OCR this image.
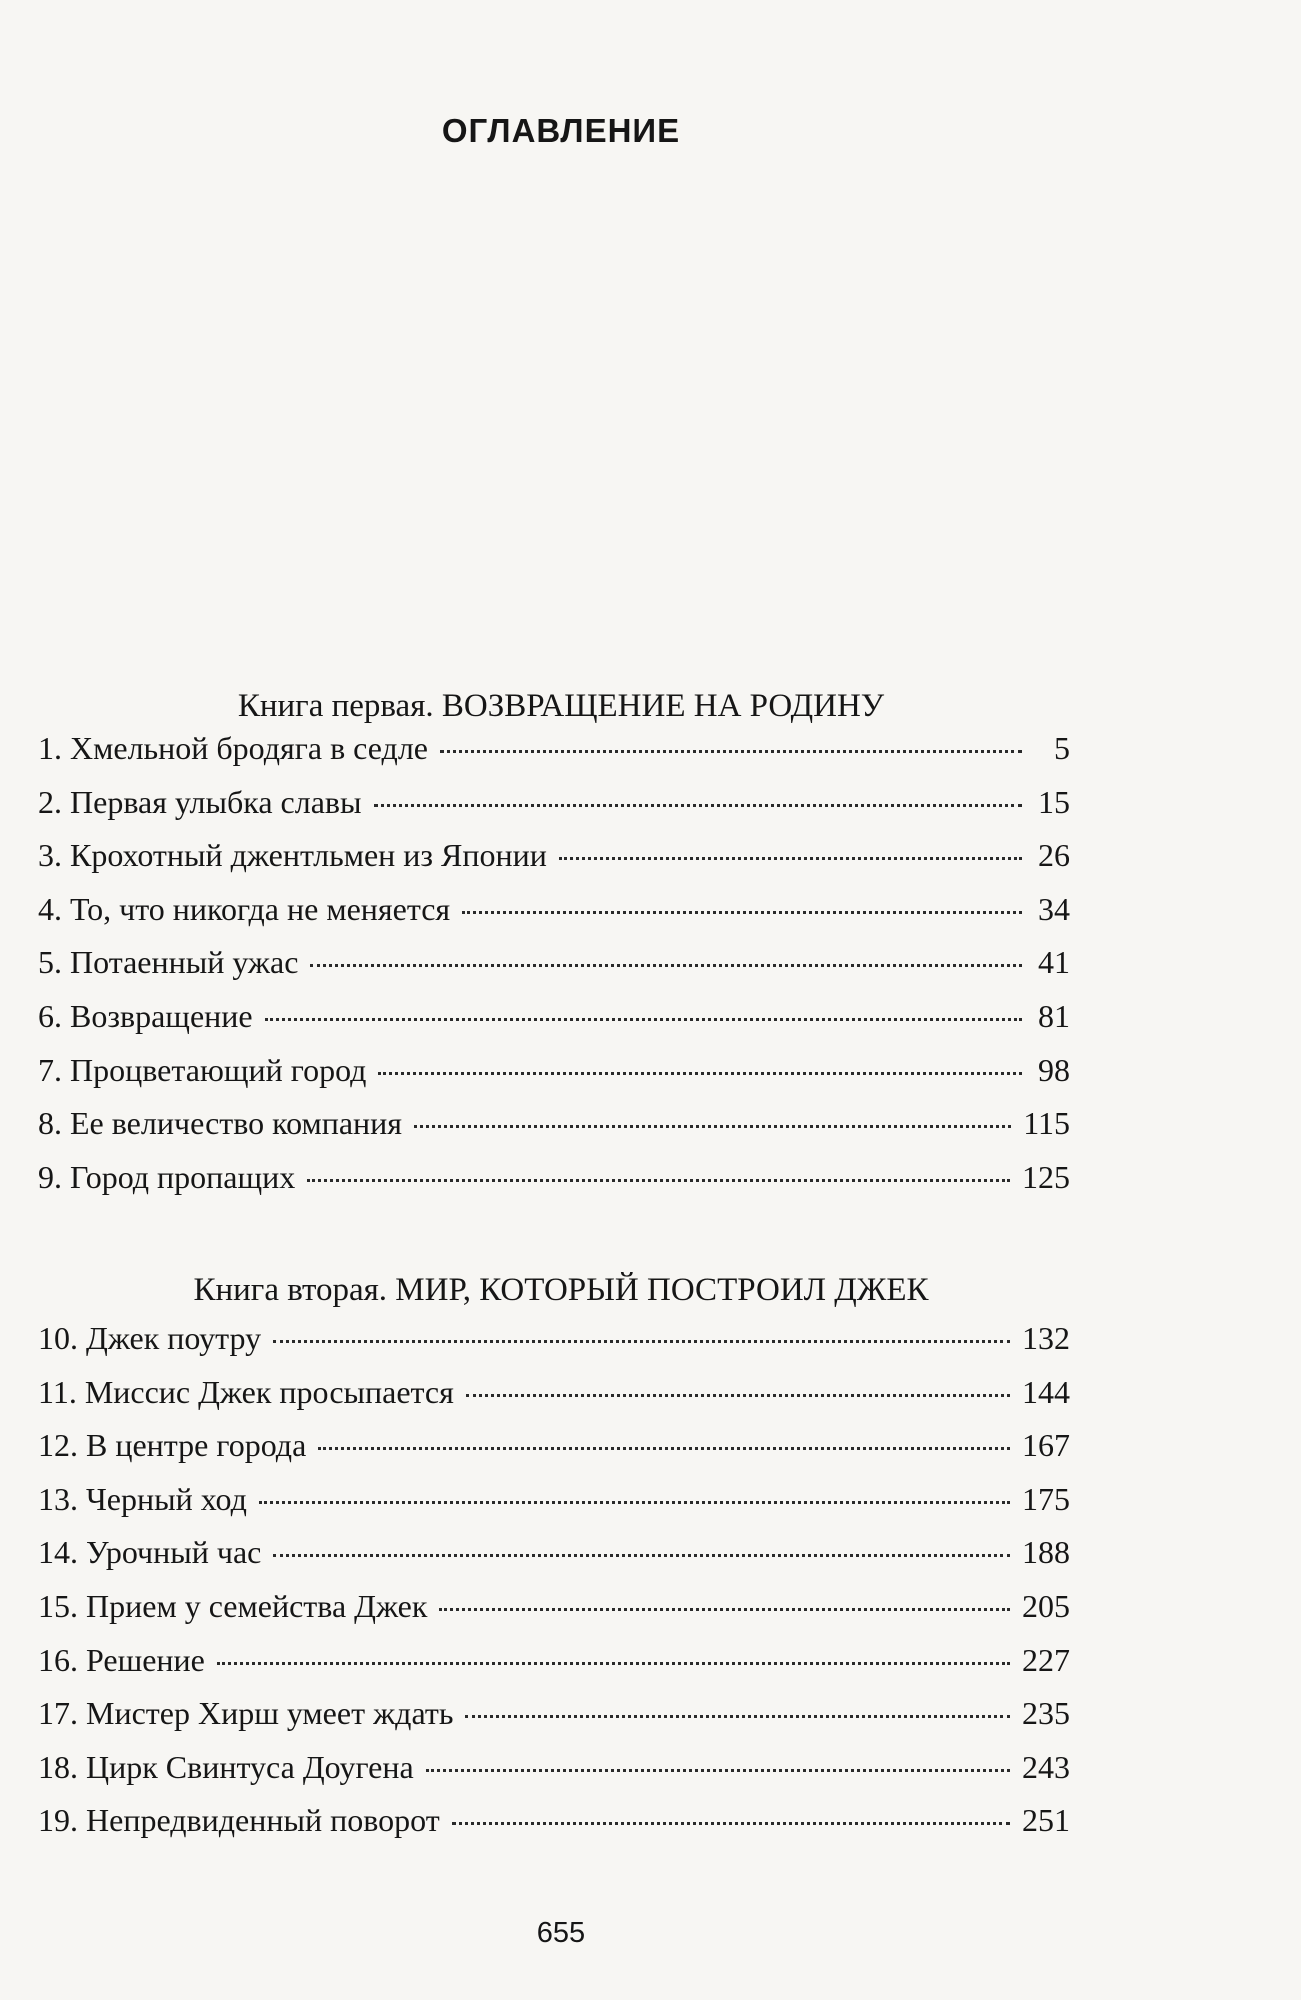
ОГЛАВЛЕНИЕ
Книга первая. ВОЗВРАЩЕНИЕ НА РОДИНУ
1. Хмельной бродяга в седле	5
2. Первая улыбка славы	15
3. Крохотный джентльмен из Японии	26
4. То, что никогда не меняется	34
5. Потаенный ужас	41
6. Возвращение	81
7. Процветающий город	98
8. Ее величество компания	115
9. Город пропащих	125
Книга вторая. МИР, КОТОРЫЙ ПОСТРОИЛ ДЖЕК
10. Джек поутру	132
11. Миссис Джек просыпается	144
12. В центре города	167
13. Черный ход	175
14. Урочный час	188
15. Прием у семейства Джек	205
16. Решение	227
17. Мистер Хирш умеет ждать	235
18. Цирк Свинтуса Доугена	243
19. Непредвиденный поворот	251
655
